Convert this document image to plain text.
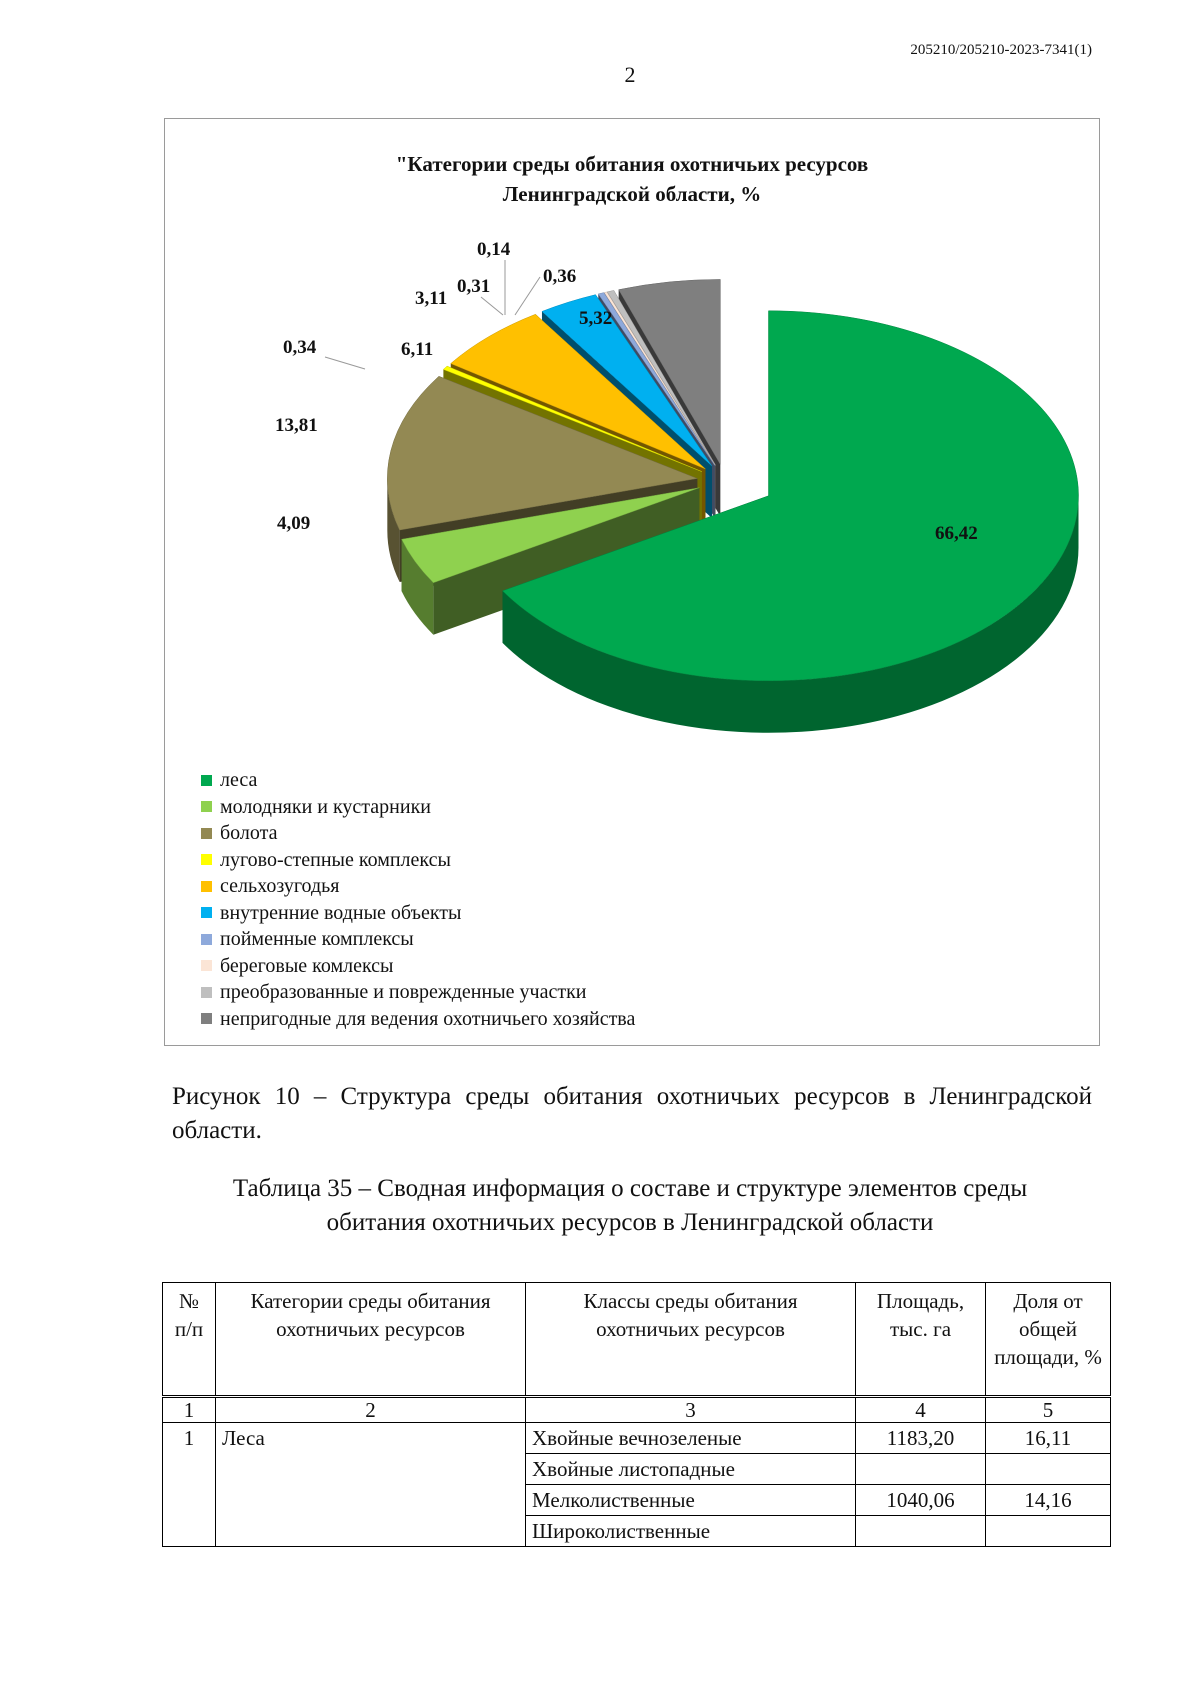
205210/205210-2023-7341(1)
2
"Категории среды обитания охотничьих ресурсов
Ленинградской области, %
66,42
4,09
13,81
0,34	6,11
3,11
0,31
0,14
0,36
5,32
леса
молодняки и кустарники
болота
лугово-степные комплексы
сельхозугодья
внутренние водные объекты
пойменные комплексы
береговые комлексы
преобразованные и поврежденные участки
непригодные для ведения охотничьего хозяйства
Рисунок 10 – Структура среды обитания охотничьих ресурсов в Ленинградской области.
Таблица 35 – Сводная информация о составе и структуре элементов среды
обитания охотничьих ресурсов в Ленинградской области
№ п/п	Категории среды обитания охотничьих ресурсов	Классы среды обитания охотничьих ресурсов	Площадь, тыс. га	Доля от общей площади, %
1	2	3	4	5
1	Леса	Хвойные вечнозеленые	1183,20	16,11
		Хвойные листопадные		
		Мелколиственные	1040,06	14,16
		Широколиственные		
